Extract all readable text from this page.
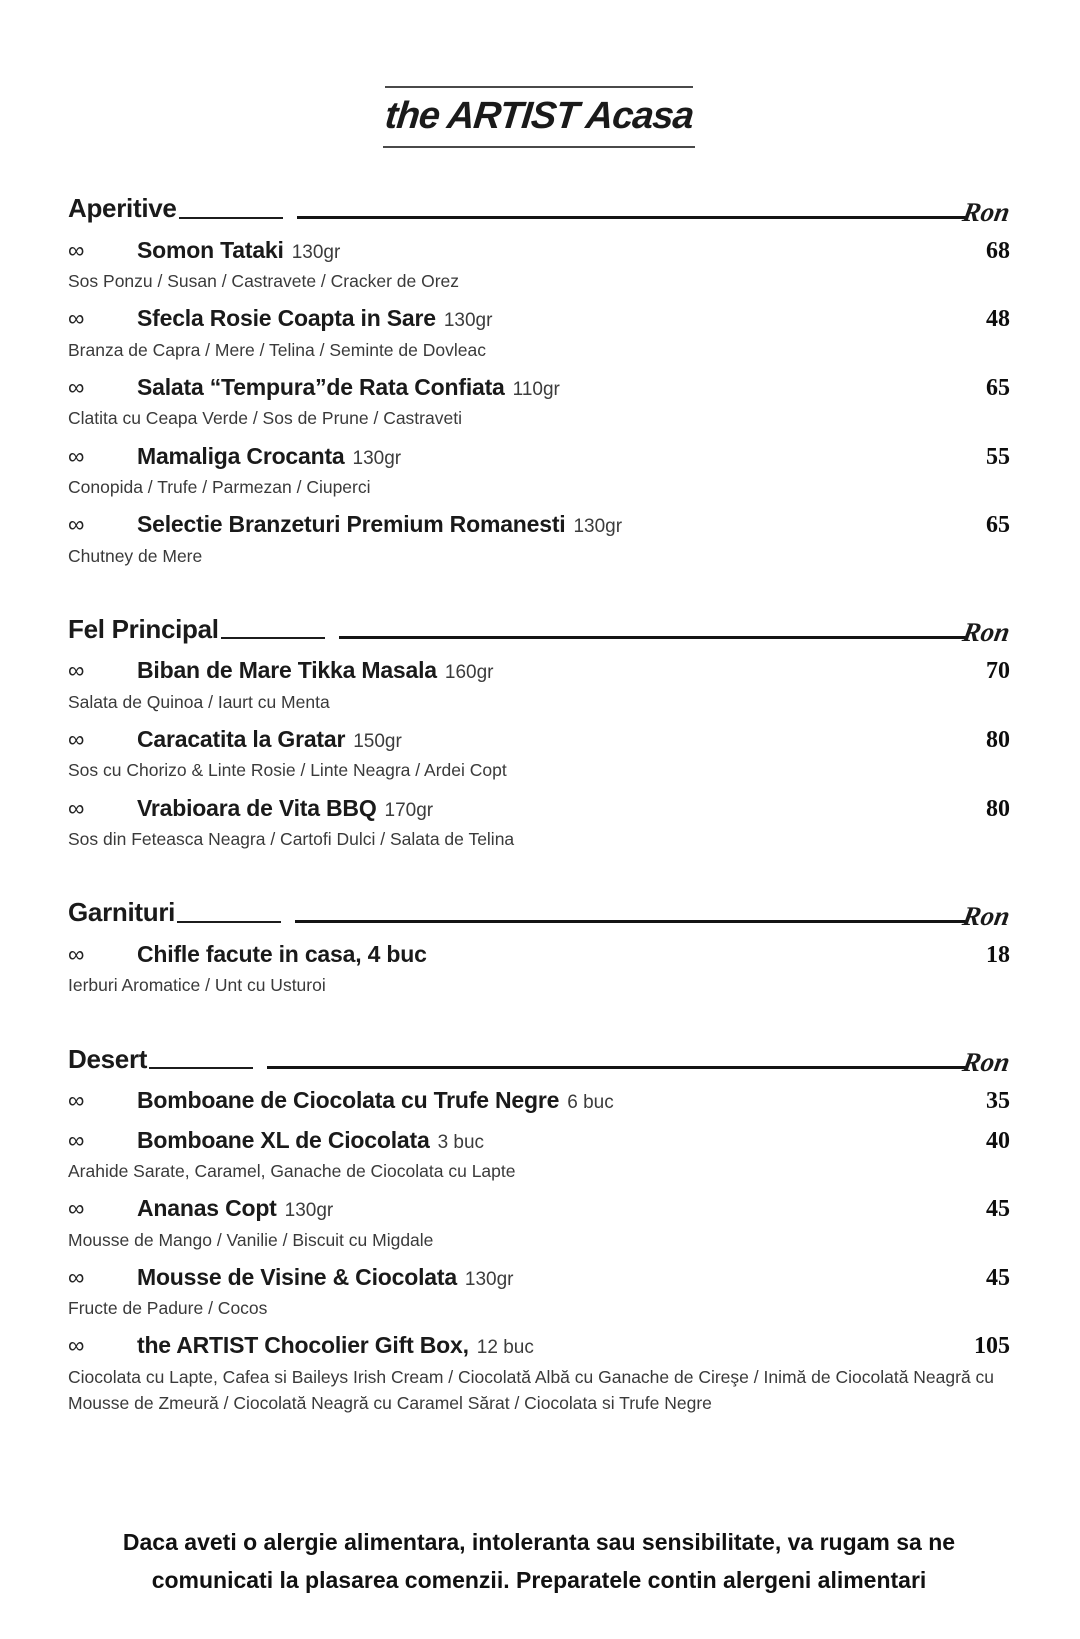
the ARTIST Acasa
Aperitive	Ron
∞	Somon Tataki 130gr	68
Sos Ponzu / Susan / Castravete / Cracker de Orez
∞	Sfecla Rosie Coapta in Sare 130gr	48
Branza de Capra / Mere / Telina / Seminte de Dovleac
∞	Salata “Tempura”de Rata Confiata 110gr	65
Clatita cu Ceapa Verde / Sos de Prune / Castraveti
∞	Mamaliga Crocanta 130gr	55
Conopida / Trufe / Parmezan / Ciuperci
∞	Selectie Branzeturi Premium Romanesti 130gr	65
Chutney de Mere
Fel Principal	Ron
∞	Biban de Mare Tikka Masala 160gr	70
Salata de Quinoa / Iaurt cu Menta
∞	Caracatita la Gratar 150gr	80
Sos cu Chorizo & Linte Rosie / Linte Neagra / Ardei Copt
∞	Vrabioara de Vita BBQ 170gr	80
Sos din Feteasca Neagra / Cartofi Dulci / Salata de Telina
Garnituri	Ron
∞	Chifle facute in casa, 4 buc	18
Ierburi Aromatice / Unt cu Usturoi
Desert	Ron
∞	Bomboane de Ciocolata cu Trufe Negre 6 buc	35
∞	Bomboane XL de Ciocolata 3 buc	40
Arahide Sarate, Caramel, Ganache de Ciocolata cu Lapte
∞	Ananas Copt 130gr	45
Mousse de Mango / Vanilie / Biscuit cu Migdale
∞	Mousse de Visine & Ciocolata 130gr	45
Fructe de Padure / Cocos
∞	the ARTIST Chocolier Gift Box, 12 buc	105
Ciocolata cu Lapte, Cafea si Baileys Irish Cream / Ciocolată Albă cu Ganache de Cireşe / Inimă de Ciocolată Neagră cu Mousse de Zmeură / Ciocolată Neagră cu Caramel Sărat / Ciocolata si Trufe Negre
Daca aveti o alergie alimentara, intoleranta sau sensibilitate, va rugam sa ne comunicati la plasarea comenzii. Preparatele contin alergeni alimentari
